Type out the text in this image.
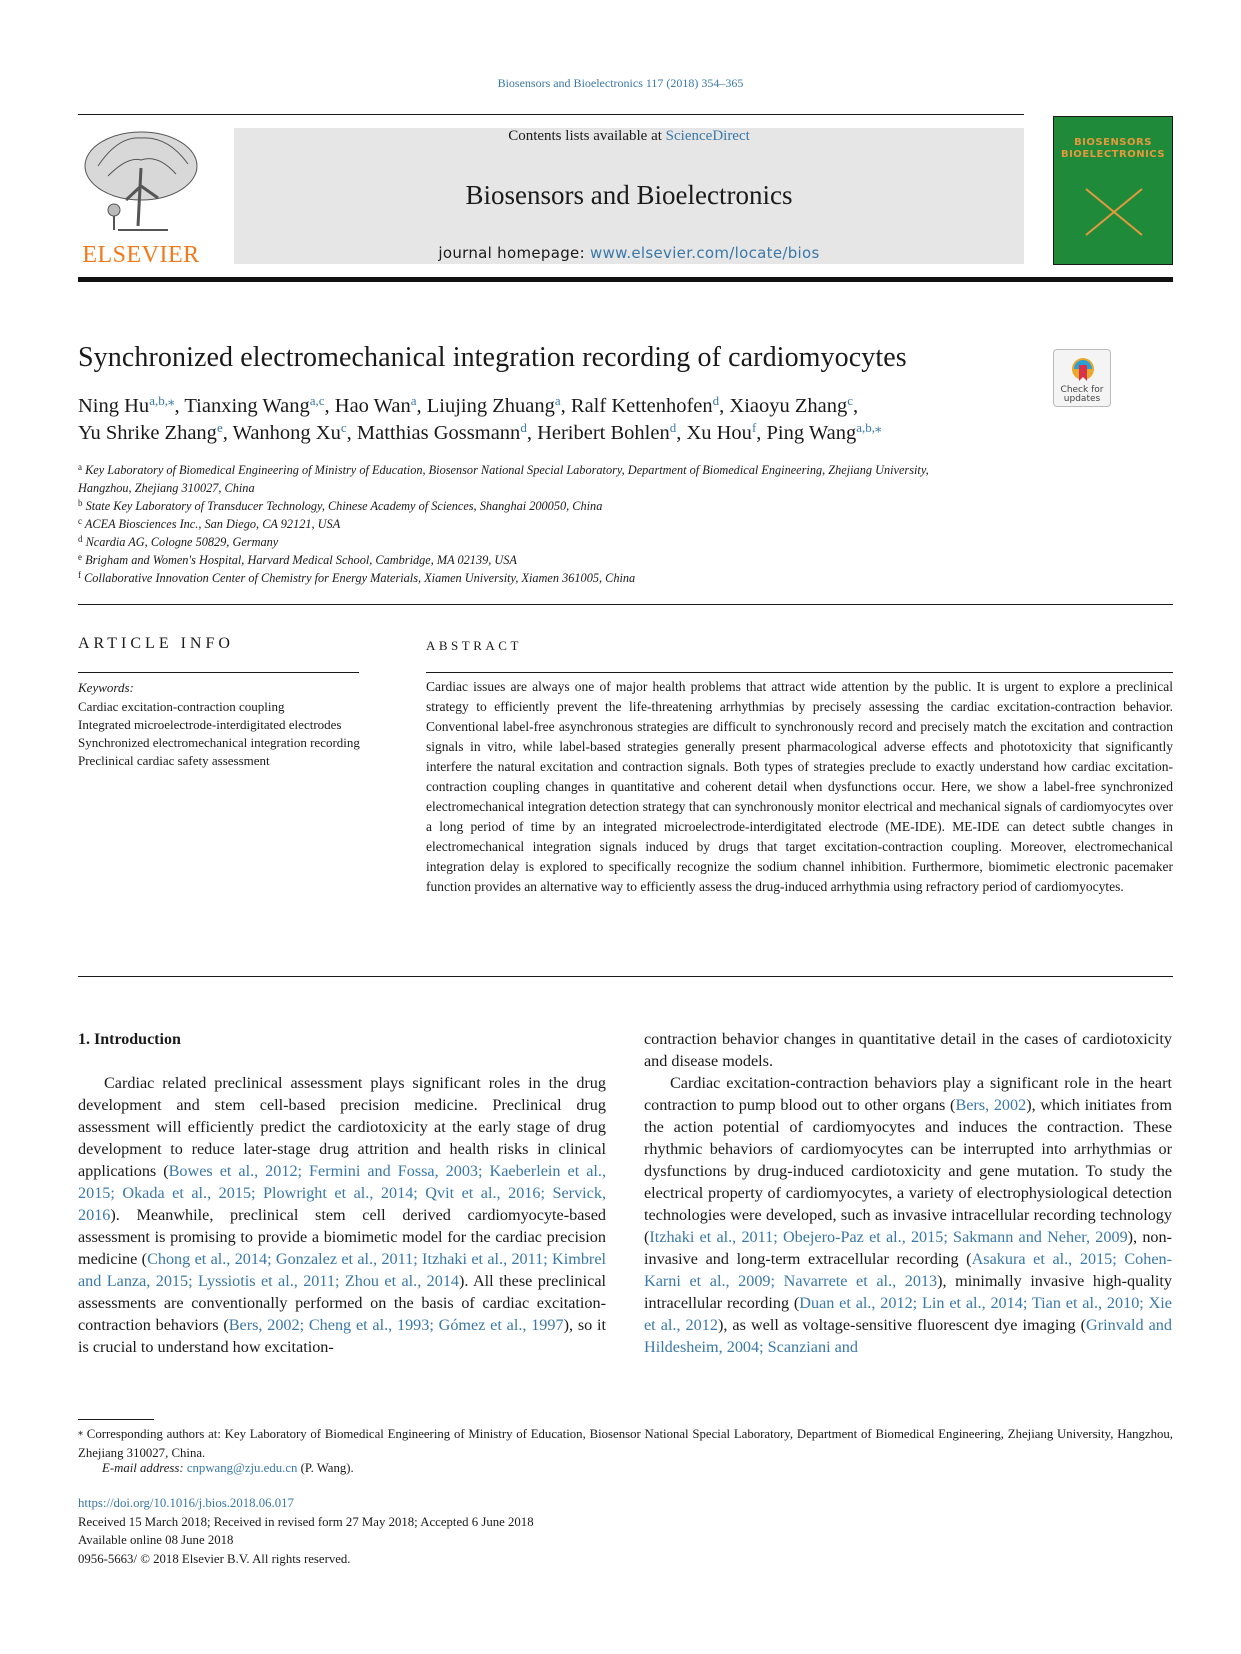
Biosensors and Bioelectronics 117 (2018) 354–365
ELSEVIER
Contents lists available at ScienceDirect
Biosensors and Bioelectronics
journal homepage: www.elsevier.com/locate/bios
BIOSENSORS
BIOELECTRONICS
Synchronized electromechanical integration recording of cardiomyocytes
Check for
updates
Ning $Hu^{a,b,⁎}$, Tianxing Wang$^{a,c}$, Hao Wan$^a$, Liujing Zhuang$^a$, Ralf Kettenhofen$^d$, Xiaoyu Zhang$^c$,
Yu Shrike Zhang$^e$, Wanhong Xu$^c$, Matthias Gossmann$^d$, Heribert Bohlen$^d$, Xu Hou$^f$, Ping Wang$^{a,b,⁎}$
$^a$ Key Laboratory of Biomedical Engineering of Ministry of Education, Biosensor National Special Laboratory, Department of Biomedical Engineering, Zhejiang University,
Hangzhou, Zhejiang 310027, China
$^b$ State Key Laboratory of Transducer Technology, Chinese Academy of Sciences, Shanghai 200050, China
$^c$ ACEA Biosciences Inc., San Diego, CA 92121, USA
$^d$ Ncardia AG, Cologne 50829, Germany
$^e$ Brigham and Women's Hospital, Harvard Medical School, Cambridge, MA 02139, USA
$^f$ Collaborative Innovation Center of Chemistry for Energy Materials, Xiamen University, Xiamen 361005, China
ARTICLE INFO
Keywords:
Cardiac excitation-contraction coupling
Integrated microelectrode-interdigitated electrodes
Synchronized electromechanical integration recording
Preclinical cardiac safety assessment
ABSTRACT
Cardiac issues are always one of major health problems that attract wide attention by the public. It is urgent to explore a preclinical strategy to efficiently prevent the life-threatening arrhythmias by precisely assessing the cardiac excitation-contraction behavior. Conventional label-free asynchronous strategies are difficult to synchronously record and precisely match the excitation and contraction signals in vitro, while label-based strategies generally present pharmacological adverse effects and phototoxicity that significantly interfere the natural excitation and contraction signals. Both types of strategies preclude to exactly understand how cardiac excitation-contraction coupling changes in quantitative and coherent detail when dysfunctions occur. Here, we show a label-free synchronized electromechanical integration detection strategy that can synchronously monitor electrical and mechanical signals of cardiomyocytes over a long period of time by an integrated microelectrode-interdigitated electrode (ME-IDE). ME-IDE can detect subtle changes in electromechanical integration signals induced by drugs that target excitation-contraction coupling. Moreover, electromechanical integration delay is explored to specifically recognize the sodium channel inhibition. Furthermore, biomimetic electronic pacemaker function provides an alternative way to efficiently assess the drug-induced arrhythmia using refractory period of cardiomyocytes.
1. Introduction

Cardiac related preclinical assessment plays significant roles in the drug development and stem cell-based precision medicine. Preclinical drug assessment will efficiently predict the cardiotoxicity at the early stage of drug development to reduce later-stage drug attrition and health risks in clinical applications (Bowes et al., 2012; Fermini and Fossa, 2003; Kaeberlein et al., 2015; Okada et al., 2015; Plowright et al., 2014; Qvit et al., 2016; Servick, 2016). Meanwhile, preclinical stem cell derived cardiomyocyte-based assessment is promising to provide a biomimetic model for the cardiac precision medicine (Chong et al., 2014; Gonzalez et al., 2011; Itzhaki et al., 2011; Kimbrel and Lanza, 2015; Lyssiotis et al., 2011; Zhou et al., 2014). All these preclinical assessments are conventionally performed on the basis of cardiac excitation-contraction behaviors (Bers, 2002; Cheng et al., 1993; Gómez et al., 1997), so it is crucial to understand how excitation-

contraction behavior changes in quantitative detail in the cases of cardiotoxicity and disease models.

Cardiac excitation-contraction behaviors play a significant role in the heart contraction to pump blood out to other organs (Bers, 2002), which initiates from the action potential of cardiomyocytes and induces the contraction. These rhythmic behaviors of cardiomyocytes can be interrupted into arrhythmias or dysfunctions by drug-induced cardiotoxicity and gene mutation. To study the electrical property of cardiomyocytes, a variety of electrophysiological detection technologies were developed, such as invasive intracellular recording technology (Itzhaki et al., 2011; Obejero-Paz et al., 2015; Sakmann and Neher, 2009), non-invasive and long-term extracellular recording (Asakura et al., 2015; Cohen-Karni et al., 2009; Navarrete et al., 2013), minimally invasive high-quality intracellular recording (Duan et al., 2012; Lin et al., 2014; Tian et al., 2010; Xie et al., 2012), as well as voltage-sensitive fluorescent dye imaging (Grinvald and Hildesheim, 2004; Scanziani and

⁎ Corresponding authors at: Key Laboratory of Biomedical Engineering of Ministry of Education, Biosensor National Special Laboratory, Department of Biomedical Engineering, Zhejiang University, Hangzhou, Zhejiang 310027, China.
E-mail address: cnpwang@zju.edu.cn (P. Wang).
https://doi.org/10.1016/j.bios.2018.06.017
Received 15 March 2018; Received in revised form 27 May 2018; Accepted 6 June 2018
Available online 08 June 2018
0956-5663/ © 2018 Elsevier B.V. All rights reserved.
